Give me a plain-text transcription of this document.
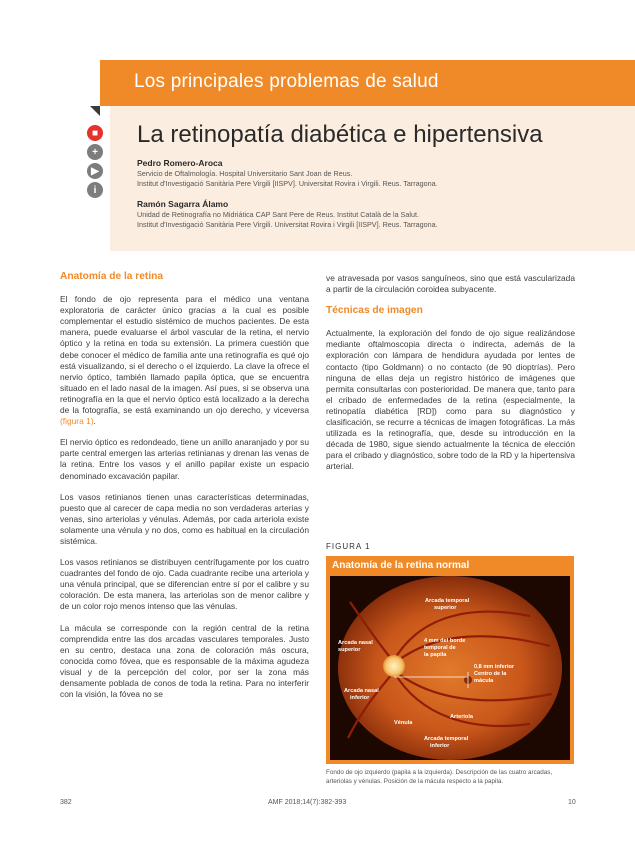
Los principales problemas de salud
■
+
▶
i
La retinopatía diabética e hipertensiva
Pedro Romero-Aroca
Servicio de Oftalmología. Hospital Universitario Sant Joan de Reus.
Institut d'Investigació Sanitària Pere Virgili [IISPV]. Universitat Rovira i Virgili. Reus. Tarragona.
Ramón Sagarra Álamo
Unidad de Retinografía no Midriática CAP Sant Pere de Reus. Institut Català de la Salut.
Institut d'Investigació Sanitària Pere Virgili. Universitat Rovira i Virgili [IISPV]. Reus. Tarragona.
Anatomía de la retina

El fondo de ojo representa para el médico una ventana exploratoria de carácter único gracias a la cual es posible complementar el estudio sistémico de muchos pacientes. De esta manera, puede evaluarse el árbol vascular de la retina, el nervio óptico y la retina en toda su extensión. La primera cuestión que debe conocer el médico de familia ante una retinografía es qué ojo está visualizando, si el derecho o el izquierdo. La clave la ofrece el nervio óptico, también llamado papila óptica, que se encuentra situado en el lado nasal de la imagen. Así pues, si se observa una retinografía en la que el nervio óptico está localizado a la derecha de la fotografía, se está examinando un ojo derecho, y viceversa (figura 1).

El nervio óptico es redondeado, tiene un anillo anaranjado y por su parte central emergen las arterias retinianas y drenan las venas de la retina. Entre los vasos y el anillo papilar existe un espacio denominado excavación papilar.

Los vasos retinianos tienen unas características determinadas, puesto que al carecer de capa media no son verdaderas arterias y venas, sino arteriolas y vénulas. Además, por cada arteriola existe solamente una vénula y no dos, como es habitual en la circulación sistémica.

Los vasos retinianos se distribuyen centrífugamente por los cuatro cuadrantes del fondo de ojo. Cada cuadrante recibe una arteriola y una vénula principal, que se diferencian entre sí por el calibre y su coloración. De esta manera, las arteriolas son de menor calibre y de un color rojo menos intenso que las vénulas.

La mácula se corresponde con la región central de la retina comprendida entre las dos arcadas vasculares temporales. Justo en su centro, destaca una zona de coloración más oscura, conocida como fóvea, que es responsable de la máxima agudeza visual y de la percepción del color, por ser la zona más densamente poblada de conos de toda la retina. Para no interferir con la visión, la fóvea no se

ve atravesada por vasos sanguíneos, sino que está vascularizada a partir de la circulación coroidea subyacente.

Técnicas de imagen

Actualmente, la exploración del fondo de ojo sigue realizándose mediante oftalmoscopia directa o indirecta, además de la exploración con lámpara de hendidura ayudada por lentes de contacto (tipo Goldmann) o no contacto (de 90 dioptrías). Pero ninguna de ellas deja un registro histórico de imágenes que permita consultarlas con posterioridad. De manera que, tanto para el cribado de enfermedades de la retina (especialmente, la retinopatía diabética [RD]) como para su diagnóstico y clasificación, se recurre a técnicas de imagen fotográficas. La más utilizada es la retinografía, que, desde su introducción en la década de 1980, sigue siendo actualmente la técnica de elección para el cribado y diagnóstico, sobre todo de la RD y la hipertensiva arterial.

FIGURA 1
Anatomía de la retina normal
Arcada temporal superior
Arcada nasal superior
4 mm del borde temporal de la papila
0,8 mm inferior Centro de la mácula
Arcada nasal inferior
Vénula
Arteriola
Arcada temporal inferior
Fondo de ojo izquierdo (papila a la izquierda). Descripción de las cuatro arcadas, arteriolas y vénulas. Posición de la mácula respecto a la papila.
382	AMF 2018;14(7):382-393	10
